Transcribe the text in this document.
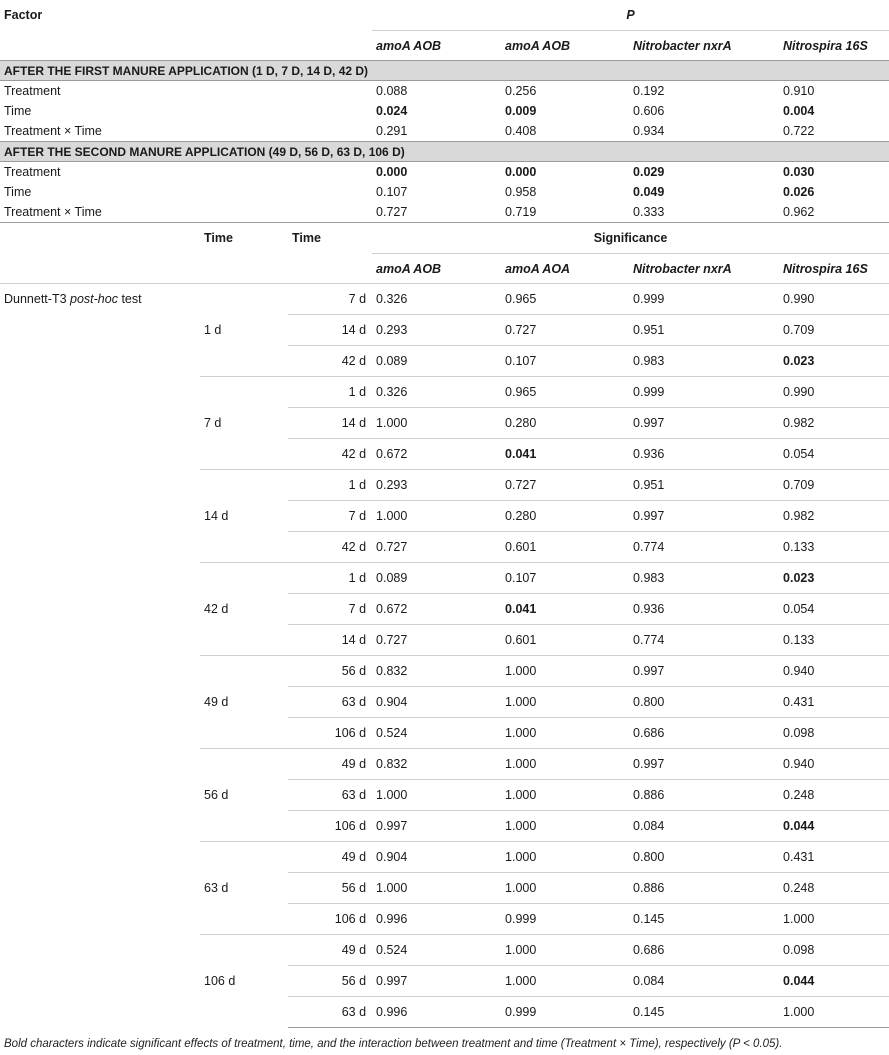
Factor			P			
			amoA AOB	amoA AOB	Nitrobacter nxrA	Nitrospira 16S
AFTER THE FIRST MANURE APPLICATION (1 D, 7 D, 14 D, 42 D)						
Treatment			0.088	0.256	0.192	0.910
Time			0.024	0.009	0.606	0.004
Treatment × Time			0.291	0.408	0.934	0.722
AFTER THE SECOND MANURE APPLICATION (49 D, 56 D, 63 D, 106 D)						
Treatment			0.000	0.000	0.029	0.030
Time			0.107	0.958	0.049	0.026
Treatment × Time			0.727	0.719	0.333	0.962
	Time	Time	Significance			
			amoA AOB	amoA AOA	Nitrobacter nxrA	Nitrospira 16S
Dunnett-T3 post-hoc test	1 d	7 d	0.326	0.965	0.999	0.990
		14 d	0.293	0.727	0.951	0.709
		42 d	0.089	0.107	0.983	0.023
	7 d	1 d	0.326	0.965	0.999	0.990
		14 d	1.000	0.280	0.997	0.982
		42 d	0.672	0.041	0.936	0.054
	14 d	1 d	0.293	0.727	0.951	0.709
		7 d	1.000	0.280	0.997	0.982
		42 d	0.727	0.601	0.774	0.133
	42 d	1 d	0.089	0.107	0.983	0.023
		7 d	0.672	0.041	0.936	0.054
		14 d	0.727	0.601	0.774	0.133
	49 d	56 d	0.832	1.000	0.997	0.940
		63 d	0.904	1.000	0.800	0.431
		106 d	0.524	1.000	0.686	0.098
	56 d	49 d	0.832	1.000	0.997	0.940
		63 d	1.000	1.000	0.886	0.248
		106 d	0.997	1.000	0.084	0.044
	63 d	49 d	0.904	1.000	0.800	0.431
		56 d	1.000	1.000	0.886	0.248
		106 d	0.996	0.999	0.145	1.000
	106 d	49 d	0.524	1.000	0.686	0.098
		56 d	0.997	1.000	0.084	0.044
		63 d	0.996	0.999	0.145	1.000
Bold characters indicate significant effects of treatment, time, and the interaction between treatment and time (Treatment × Time), respectively (P < 0.05).
